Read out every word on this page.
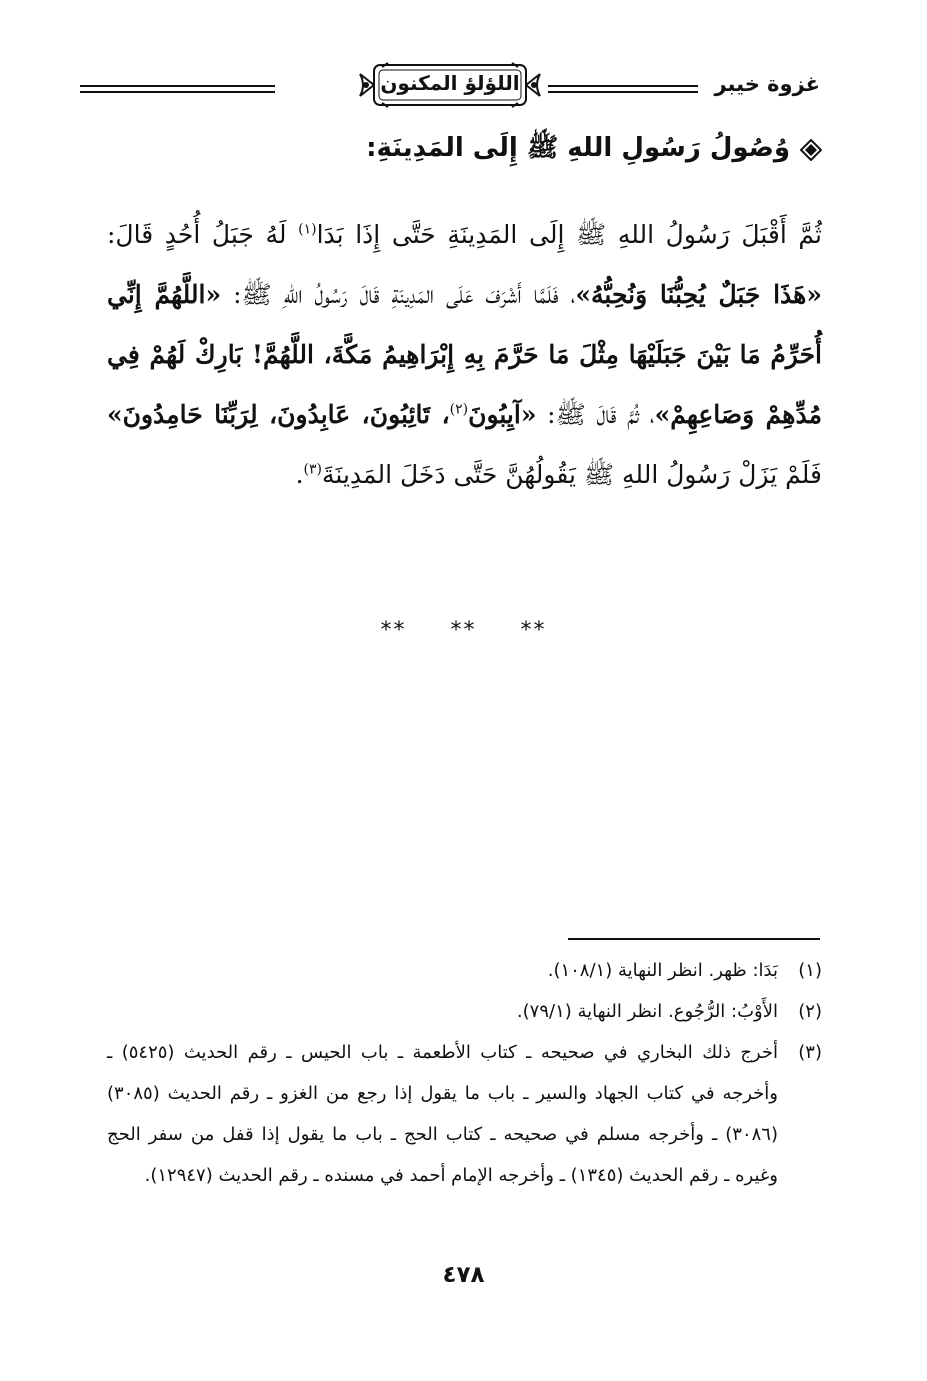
غزوة خيبر
اللؤلؤ المكنون
وُصُولُ رَسُولِ اللهِ ﷺ إِلَى المَدِينَةِ:
ثُمَّ أَقْبَلَ رَسُولُ اللهِ ﷺ إِلَى المَدِينَةِ حَتَّى إِذَا بَدَا$^{(١)}$ لَهُ جَبَلُ أُحُدٍ قَالَ: «هَذَا جَبَلٌ يُحِبُّنَا وَنُحِبُّهُ»، فَلَمَّا أَشْرَفَ عَلَى المَدِينَةِ قَالَ رَسُولُ اللهِ ﷺ: «اللَّهُمَّ إِنِّي أُحَرِّمُ مَا بَيْنَ جَبَلَيْهَا مِثْلَ مَا حَرَّمَ بِهِ إِبْرَاهِيمُ مَكَّةَ، اللَّهُمَّ! بَارِكْ لَهُمْ فِي مُدِّهِمْ وَصَاعِهِمْ»، ثُمَّ قَالَ ﷺ: «آيِبُونَ$^{(٢)}$، تَائِبُونَ، عَابِدُونَ، لِرَبِّنَا حَامِدُونَ» فَلَمْ يَزَلْ رَسُولُ اللهِ ﷺ يَقُولُهُنَّ حَتَّى دَخَلَ المَدِينَةَ$^{(٣)}$.
******
(١)
بَدَا: ظهر. انظر النهاية (١٠٨/١).
(٢)
الأَوْبُ: الرُّجُوع. انظر النهاية (٧٩/١).
(٣)
أخرج ذلك البخاري في صحيحه ـ كتاب الأطعمة ـ باب الحيس ـ رقم الحديث (٥٤٢٥) ـ وأخرجه في كتاب الجهاد والسير ـ باب ما يقول إذا رجع من الغزو ـ رقم الحديث (٣٠٨٥) (٣٠٨٦) ـ وأخرجه مسلم في صحيحه ـ كتاب الحج ـ باب ما يقول إذا قفل من سفر الحج وغيره ـ رقم الحديث (١٣٤٥) ـ وأخرجه الإمام أحمد في مسنده ـ رقم الحديث (١٢٩٤٧).
٤٧٨
